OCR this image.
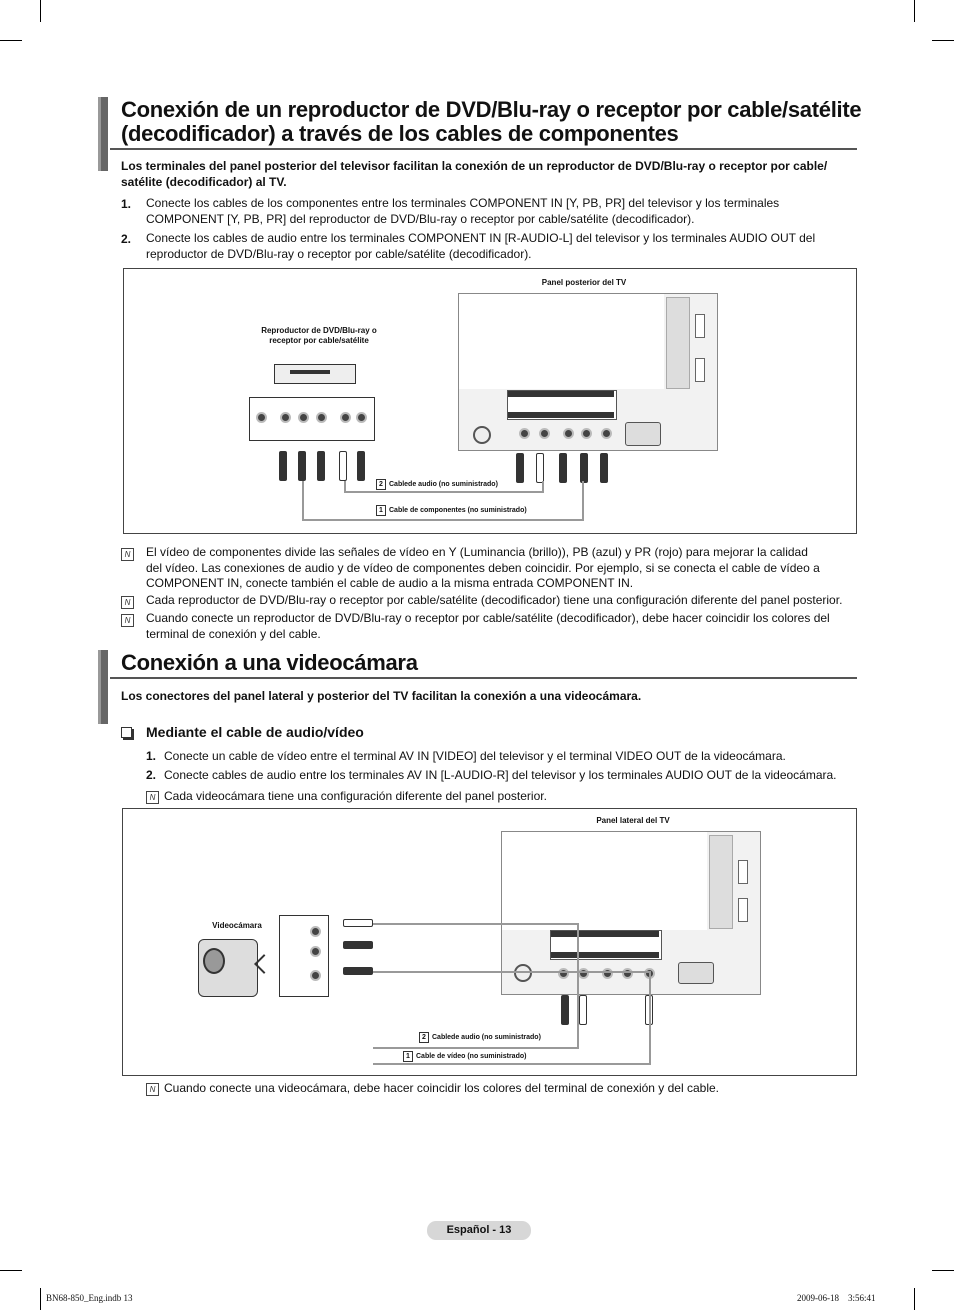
Conexión de un reproductor de DVD/Blu-ray o receptor por cable/satélite
(decodificador) a través de los cables de componentes
Los terminales del panel posterior del televisor facilitan la conexión de un reproductor de DVD/Blu-ray o receptor por cable/
satélite (decodificador) al TV.
1. Conecte los cables de los componentes entre los terminales COMPONENT IN [Y, PB, PR] del televisor y los terminales
COMPONENT [Y, PB, PR] del reproductor de DVD/Blu-ray o receptor por cable/satélite (decodificador).
2. Conecte los cables de audio entre los terminales COMPONENT IN [R-AUDIO-L] del televisor y los terminales AUDIO OUT del
reproductor de DVD/Blu-ray o receptor por cable/satélite (decodificador).
Panel posterior del TV
Reproductor de DVD/Blu-ray o
receptor por cable/satélite
2 Cablede audio (no suministrado)
1 Cable de componentes (no suministrado)
N	El vídeo de componentes divide las señales de vídeo en Y (Luminancia (brillo)), PB (azul) y PR (rojo) para mejorar la calidad
del vídeo. Las conexiones de audio y de vídeo de componentes deben coincidir. Por ejemplo, si se conecta el cable de vídeo a
COMPONENT IN, conecte también el cable de audio a la misma entrada COMPONENT IN.
N	Cada reproductor de DVD/Blu-ray o receptor por cable/satélite (decodificador) tiene una configuración diferente del panel posterior.
N	Cuando conecte un reproductor de DVD/Blu-ray o receptor por cable/satélite (decodificador), debe hacer coincidir los colores del
terminal de conexión y del cable.
Conexión a una videocámara
Los conectores del panel lateral y posterior del TV facilitan la conexión a una videocámara.
Mediante el cable de audio/vídeo
1. Conecte un cable de vídeo entre el terminal AV IN [VIDEO] del televisor y el terminal VIDEO OUT de la videocámara.
2. Conecte cables de audio entre los terminales AV IN [L-AUDIO-R] del televisor y los terminales AUDIO OUT de la videocámara.
N Cada videocámara tiene una configuración diferente del panel posterior.
Panel lateral del TV
Videocámara
2 Cablede audio (no suministrado)
1 Cable de vídeo (no suministrado)
N Cuando conecte una videocámara, debe hacer coincidir los colores del terminal de conexión y del cable.
Español - 13
BN68-850_Eng.indb 13	2009-06-18    3:56:41
